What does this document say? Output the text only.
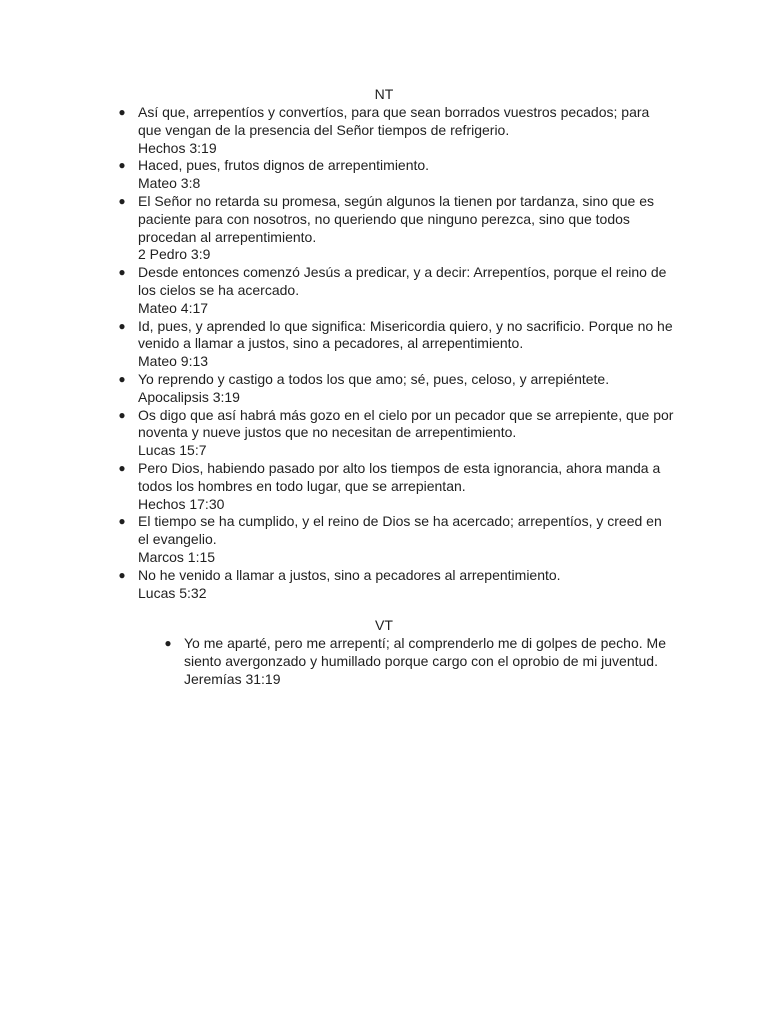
NT
● Así que, arrepentíos y convertíos, para que sean borrados vuestros pecados; para que vengan de la presencia del Señor tiempos de refrigerio.
Hechos 3:19
● Haced, pues, frutos dignos de arrepentimiento.
Mateo 3:8
● El Señor no retarda su promesa, según algunos la tienen por tardanza, sino que es paciente para con nosotros, no queriendo que ninguno perezca, sino que todos procedan al arrepentimiento.
2 Pedro 3:9
● Desde entonces comenzó Jesús a predicar, y a decir: Arrepentíos, porque el reino de los cielos se ha acercado.
Mateo 4:17
● Id, pues, y aprended lo que significa: Misericordia quiero, y no sacrificio. Porque no he venido a llamar a justos, sino a pecadores, al arrepentimiento.
Mateo 9:13
● Yo reprendo y castigo a todos los que amo; sé, pues, celoso, y arrepiéntete.
Apocalipsis 3:19
● Os digo que así habrá más gozo en el cielo por un pecador que se arrepiente, que por noventa y nueve justos que no necesitan de arrepentimiento.
Lucas 15:7
● Pero Dios, habiendo pasado por alto los tiempos de esta ignorancia, ahora manda a todos los hombres en todo lugar, que se arrepientan.
Hechos 17:30
● El tiempo se ha cumplido, y el reino de Dios se ha acercado; arrepentíos, y creed en el evangelio.
Marcos 1:15
● No he venido a llamar a justos, sino a pecadores al arrepentimiento.
Lucas 5:32
VT
● Yo me aparté, pero me arrepentí; al comprenderlo me di golpes de pecho. Me siento avergonzado y humillado porque cargo con el oprobio de mi juventud.
Jeremías 31:19
